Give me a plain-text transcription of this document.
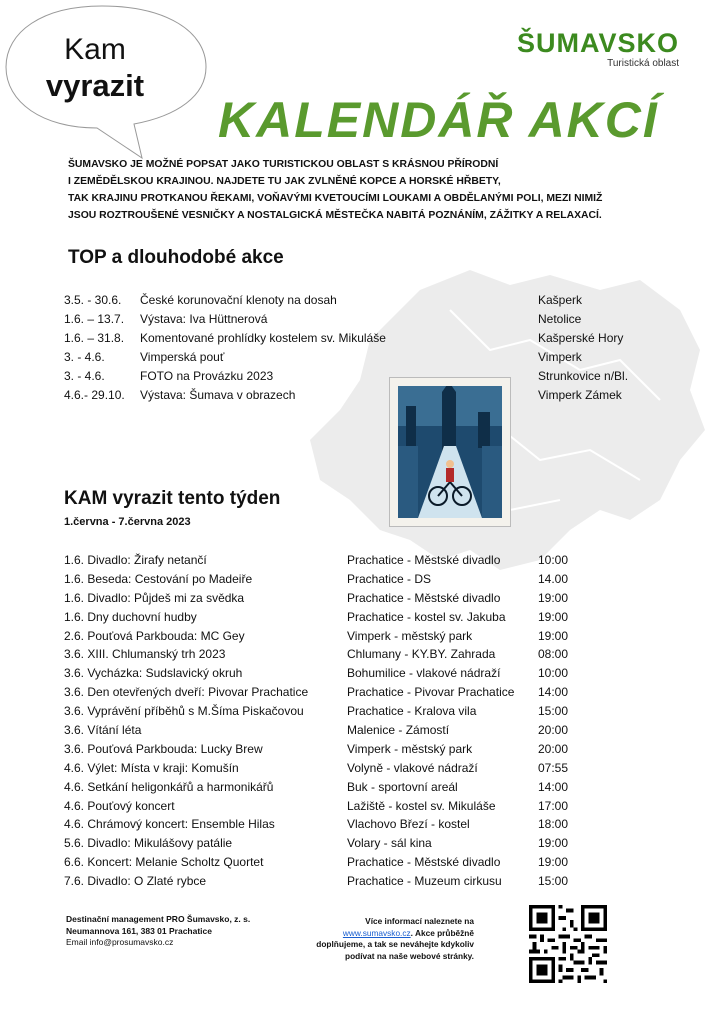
Kam
vyrazit
ŠUMAVSKO
Turistická oblast
KALENDÁŘ AKCÍ
ŠUMAVSKO JE MOŽNÉ POPSAT JAKO TURISTICKOU OBLAST S KRÁSNOU PŘÍRODNÍ
I ZEMĚDĚLSKOU KRAJINOU. NAJDETE TU JAK ZVLNĚNÉ KOPCE A HORSKÉ HŘBETY,
TAK KRAJINU PROTKANOU ŘEKAMI, VOŇAVÝMI KVETOUCÍMI LOUKAMI A OBDĚLANÝMI POLI, MEZI NIMIŽ
JSOU ROZTROUŠENÉ VESNIČKY A NOSTALGICKÁ MĚSTEČKA NABITÁ POZNÁNÍM, ZÁŽITKY A RELAXACÍ.
TOP a dlouhodobé akce
3.5. - 30.6. České korunovační klenoty na dosah	Kašperk
1.6. – 13.7. Výstava: Iva Hüttnerová	Netolice
1.6. – 31.8. Komentované prohlídky kostelem sv. Mikuláše	Kašperské Hory
3. - 4.6.	Vimperská pouť	Vimperk
3. - 4.6.	FOTO na Provázku 2023	Strunkovice n/Bl.
4.6.- 29.10. Výstava: Šumava v obrazech	Vimperk Zámek
KAM vyrazit tento týden
1.června - 7.června 2023
1.6. Divadlo: Žirafy netančí	Prachatice - Městské divadlo	10:00
1.6. Beseda: Cestování po Madeiře	Prachatice - DS	14.00
1.6. Divadlo: Půjdeš mi za svědka	Prachatice - Městské divadlo	19:00
1.6. Dny duchovní hudby	Prachatice - kostel sv. Jakuba	19:00
2.6. Pouťová Parkbouda: MC Gey	Vimperk - městský park	19:00
3.6. XIII. Chlumanský trh 2023	Chlumany - KY.BY. Zahrada	08:00
3.6. Vycházka: Sudslavický okruh	Bohumilice - vlakové nádraží	10:00
3.6. Den otevřených dveří: Pivovar Prachatice	Prachatice - Pivovar Prachatice 14:00
3.6. Vyprávění příběhů s M.Šíma Piskačovou	Prachatice - Kralova vila	15:00
3.6. Vítání léta	Malenice - Zámostí	20:00
3.6. Pouťová Parkbouda: Lucky Brew	Vimperk - městský park	20:00
4.6. Výlet: Místa v kraji: Komušín	Volyně - vlakové nádraží	07:55
4.6. Setkání heligonkářů a harmonikářů	Buk - sportovní areál	14:00
4.6. Pouťový koncert	Lažiště - kostel sv. Mikuláše	17:00
4.6. Chrámový koncert: Ensemble Hilas	Vlachovo Březí - kostel	18:00
5.6. Divadlo: Mikulášovy patálie	Volary - sál kina	19:00
6.6. Koncert: Melanie Scholtz Quortet	Prachatice - Městské divadlo	19:00
7.6. Divadlo: O Zlaté rybce	Prachatice - Muzeum cirkusu	15:00
Destinační management PRO Šumavsko, z. s.
Neumannova 161, 383 01 Prachatice
Email info@prosumavsko.cz
Více informací naleznete na
www.sumavsko.cz. Akce průběžně
doplňujeme, a tak se neváhejte kdykoliv
podívat na naše webové stránky.
